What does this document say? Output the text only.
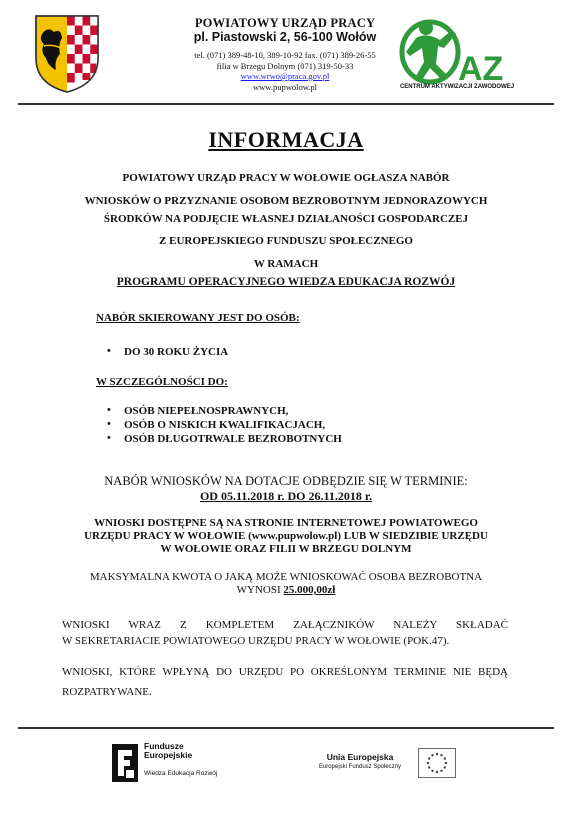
POWIATOWY URZĄD PRACY
pl. Piastowski 2, 56-100 Wołów
tel. (071) 389-48-10, 389-10-92 fax. (071) 389-26-55
filia w Brzegu Dolnym (071) 319-50-33
www.wrwo@praca.gov.pl
www.pupwolow.pl	AZ
CENTRUM AKTYWIZACJI ZAWODOWEJ
INFORMACJA
POWIATOWY URZĄD PRACY W WOŁOWIE OGŁASZA NABÓR
WNIOSKÓW O PRZYZNANIE OSOBOM BEZROBOTNYM JEDNORAZOWYCH
ŚRODKÓW NA PODJĘCIE WŁASNEJ DZIAŁANOŚCI GOSPODARCZEJ
Z EUROPEJSKIEGO FUNDUSZU SPOŁECZNEGO
W RAMACH
PROGRAMU OPERACYJNEGO WIEDZA EDUKACJA ROZWÓJ
NABÓR SKIEROWANY JEST DO OSÓB:
• DO 30 ROKU ŻYCIA
W SZCZEGÓLNOŚCI DO:
• OSÓB NIEPEŁNOSPRAWNYCH,
• OSÓB O NISKICH KWALIFIKACJACH,
• OSÓB DŁUGOTRWALE BEZROBOTNYCH
NABÓR WNIOSKÓW NA DOTACJE ODBĘDZIE SIĘ W TERMINIE:
OD 05.11.2018 r. DO 26.11.2018 r.
WNIOSKI DOSTĘPNE SĄ NA STRONIE INTERNETOWEJ POWIATOWEGO
URZĘDU PRACY W WOŁOWIE (www.pupwolow.pl) LUB W SIEDZIBIE URZĘDU
W WOŁOWIE ORAZ FILII W BRZEGU DOLNYM
MAKSYMALNA KWOTA O JAKĄ MOŻE WNIOSKOWAĆ OSOBA BEZROBOTNA
WYNOSI 25.000,00zł
WNIOSKI WRAZ Z KOMPLETEM ZAŁĄCZNIKÓW NALEŻY SKŁADAĆ
W SEKRETARIACIE POWIATOWEGO URZĘDU PRACY W WOŁOWIE (POK.47).
WNIOSKI, KTÓRE WPŁYNĄ DO URZĘDU PO OKREŚLONYM TERMINIE NIE BĘDĄ
ROZPATRYWANE.
Fundusze
Europejskie
Wiedza Edukacja Rozwój
Unia Europejska
Europejski Fundusz Społeczny
